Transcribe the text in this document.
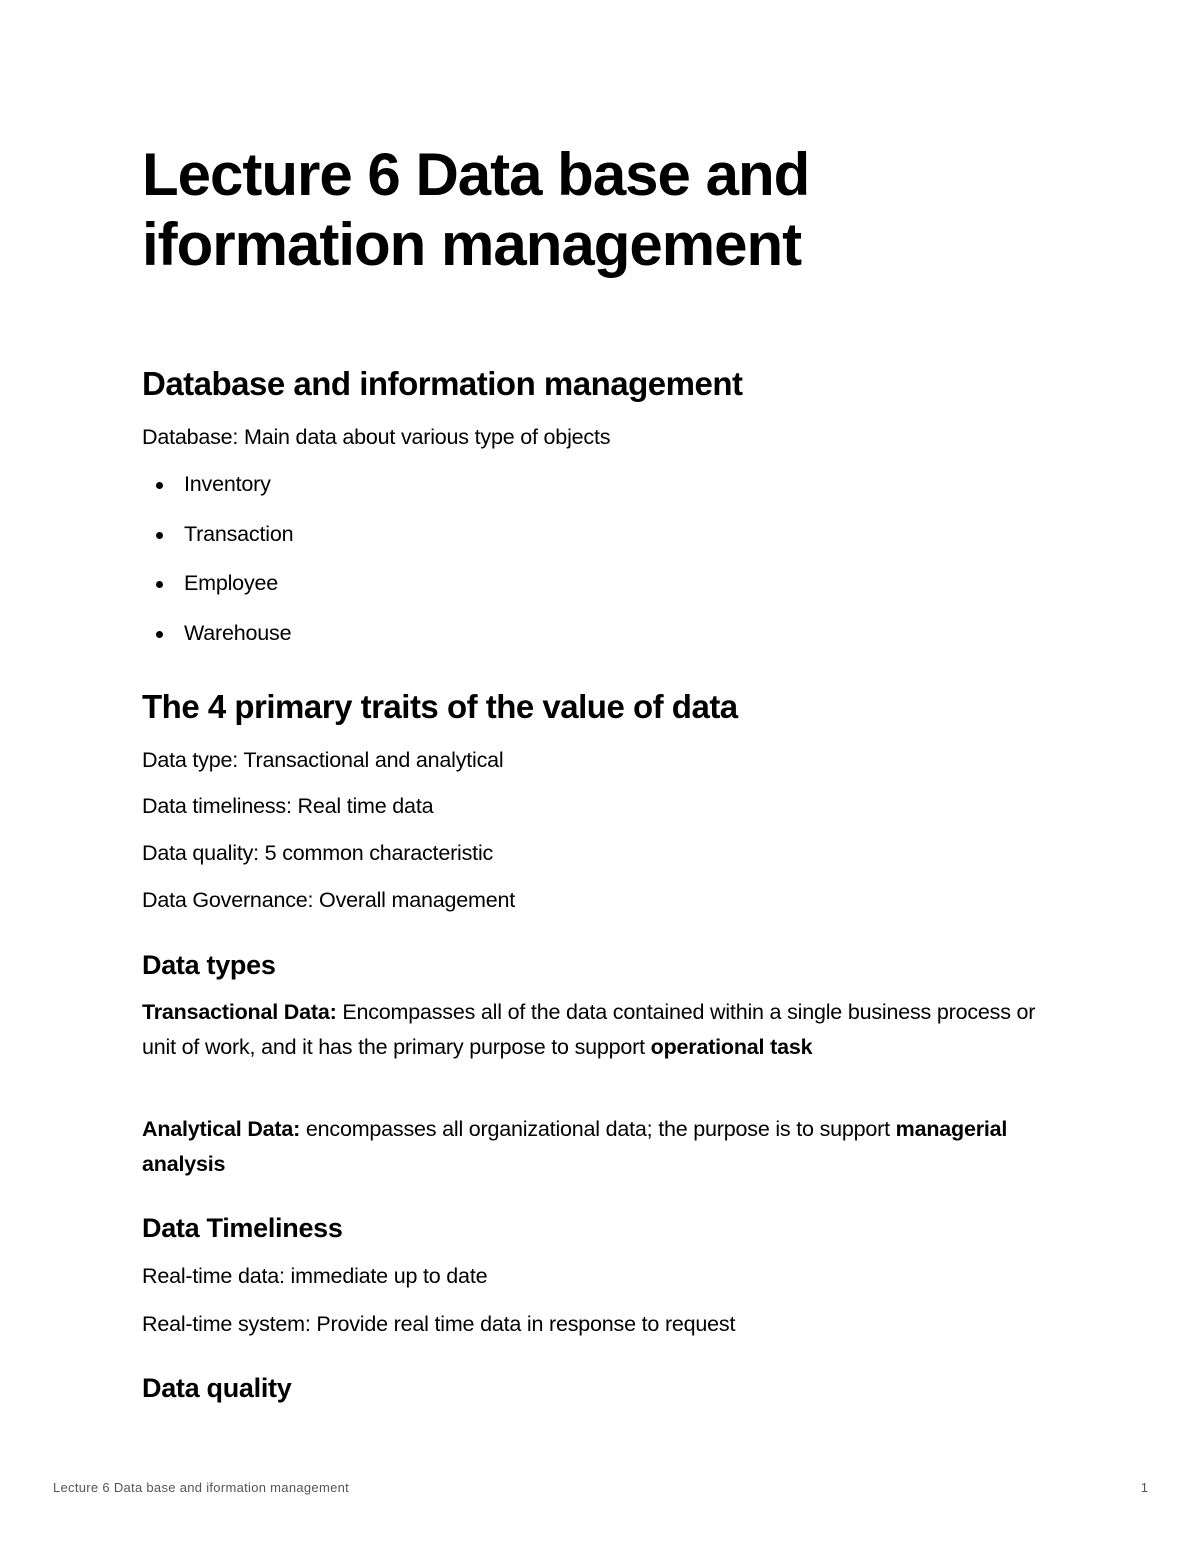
Lecture 6 Data base and iformation management
Database and information management

Database: Main data about various type of objects

Inventory
Transaction
Employee
Warehouse
The 4 primary traits of the value of data

Data type: Transactional and analytical

Data timeliness: Real time data

Data quality: 5 common characteristic

Data Governance: Overall management

Data types

Transactional Data: Encompasses all of the data contained within a single business process or unit of work, and it has the primary purpose to support operational task

Analytical Data: encompasses all organizational data; the purpose is to support managerial analysis

Data Timeliness

Real-time data: immediate up to date

Real-time system: Provide real time data in response to request

Data quality
Lecture 6 Data base and iformation management	1
